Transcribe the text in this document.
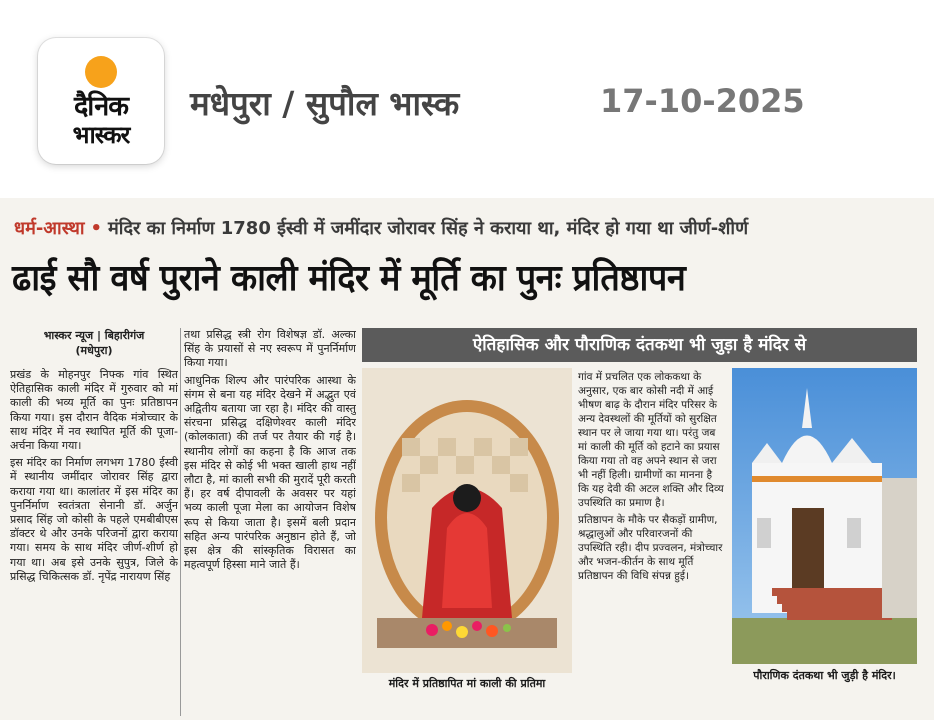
दैनिक
भास्कर
मधेपुरा / सुपौल भास्क	17-10-2025
धर्म-आस्था • मंदिर का निर्माण 1780 ईस्वी में जमींदार जोरावर सिंह ने कराया था, मंदिर हो गया था जीर्ण-शीर्ण
ढाई सौ वर्ष पुराने काली मंदिर में मूर्ति का पुनः प्रतिष्ठापन
भास्कर न्यूज | बिहारीगंज
(मधेपुरा)

प्रखंड के मोहनपुर निफ्क गांव स्थित ऐतिहासिक काली मंदिर में गुरुवार को मां काली की भव्य मूर्ति का पुनः प्रतिष्ठापन किया गया। इस दौरान वैदिक मंत्रोच्चार के साथ मंदिर में नव स्थापित मूर्ति की पूजा-अर्चना किया गया।

इस मंदिर का निर्माण लगभग 1780 ईस्वी में स्थानीय जमींदार जोरावर सिंह द्वारा कराया गया था। कालांतर में इस मंदिर का पुनर्निर्माण स्वतंत्रता सेनानी डॉ. अर्जुन प्रसाद सिंह जो कोसी के पहले एमबीबीएस डॉक्टर थे और उनके परिजनों द्वारा कराया गया। समय के साथ मंदिर जीर्ण-शीर्ण हो गया था। अब इसे उनके सुपुत्र, जिले के प्रसिद्ध चिकित्सक डॉ. नृपेंद्र नारायण सिंह

तथा प्रसिद्ध स्त्री रोग विशेषज्ञ डॉ. अल्का सिंह के प्रयासों से नए स्वरूप में पुनर्निर्माण किया गया।

आधुनिक शिल्प और पारंपरिक आस्था के संगम से बना यह मंदिर देखने में अद्भुत एवं अद्वितीय बताया जा रहा है। मंदिर की वास्तु संरचना प्रसिद्ध दक्षिणेश्वर काली मंदिर (कोलकाता) की तर्ज पर तैयार की गई है। स्थानीय लोगों का कहना है कि आज तक इस मंदिर से कोई भी भक्त खाली हाथ नहीं लौटा है, मां काली सभी की मुरादें पूरी करती हैं। हर वर्ष दीपावली के अवसर पर यहां भव्य काली पूजा मेला का आयोजन विशेष रूप से किया जाता है। इसमें बली प्रदान सहित अन्य पारंपरिक अनुष्ठान होते हैं, जो इस क्षेत्र की सांस्कृतिक विरासत का महत्वपूर्ण हिस्सा माने जाते हैं।

ऐतिहासिक और पौराणिक दंतकथा भी जुड़ा है मंदिर से

गांव में प्रचलित एक लोककथा के अनुसार, एक बार कोसी नदी में आई भीषण बाढ़ के दौरान मंदिर परिसर के अन्य देवस्थलों की मूर्तियों को सुरक्षित स्थान पर ले जाया गया था। परंतु जब मां काली की मूर्ति को हटाने का प्रयास किया गया तो वह अपने स्थान से जरा भी नहीं हिली। ग्रामीणों का मानना है कि यह देवी की अटल शक्ति और दिव्य उपस्थिति का प्रमाण है।

प्रतिष्ठापन के मौके पर सैकड़ों ग्रामीण, श्रद्धालुओं और परिवारजनों की उपस्थिति रही। दीप प्रज्वलन, मंत्रोच्चार और भजन-कीर्तन के साथ मूर्ति प्रतिष्ठापन की विधि संपन्न हुई।

मंदिर में प्रतिष्ठापित मां काली की प्रतिमा
पौराणिक दंतकथा भी जुड़ी है मंदिर।
